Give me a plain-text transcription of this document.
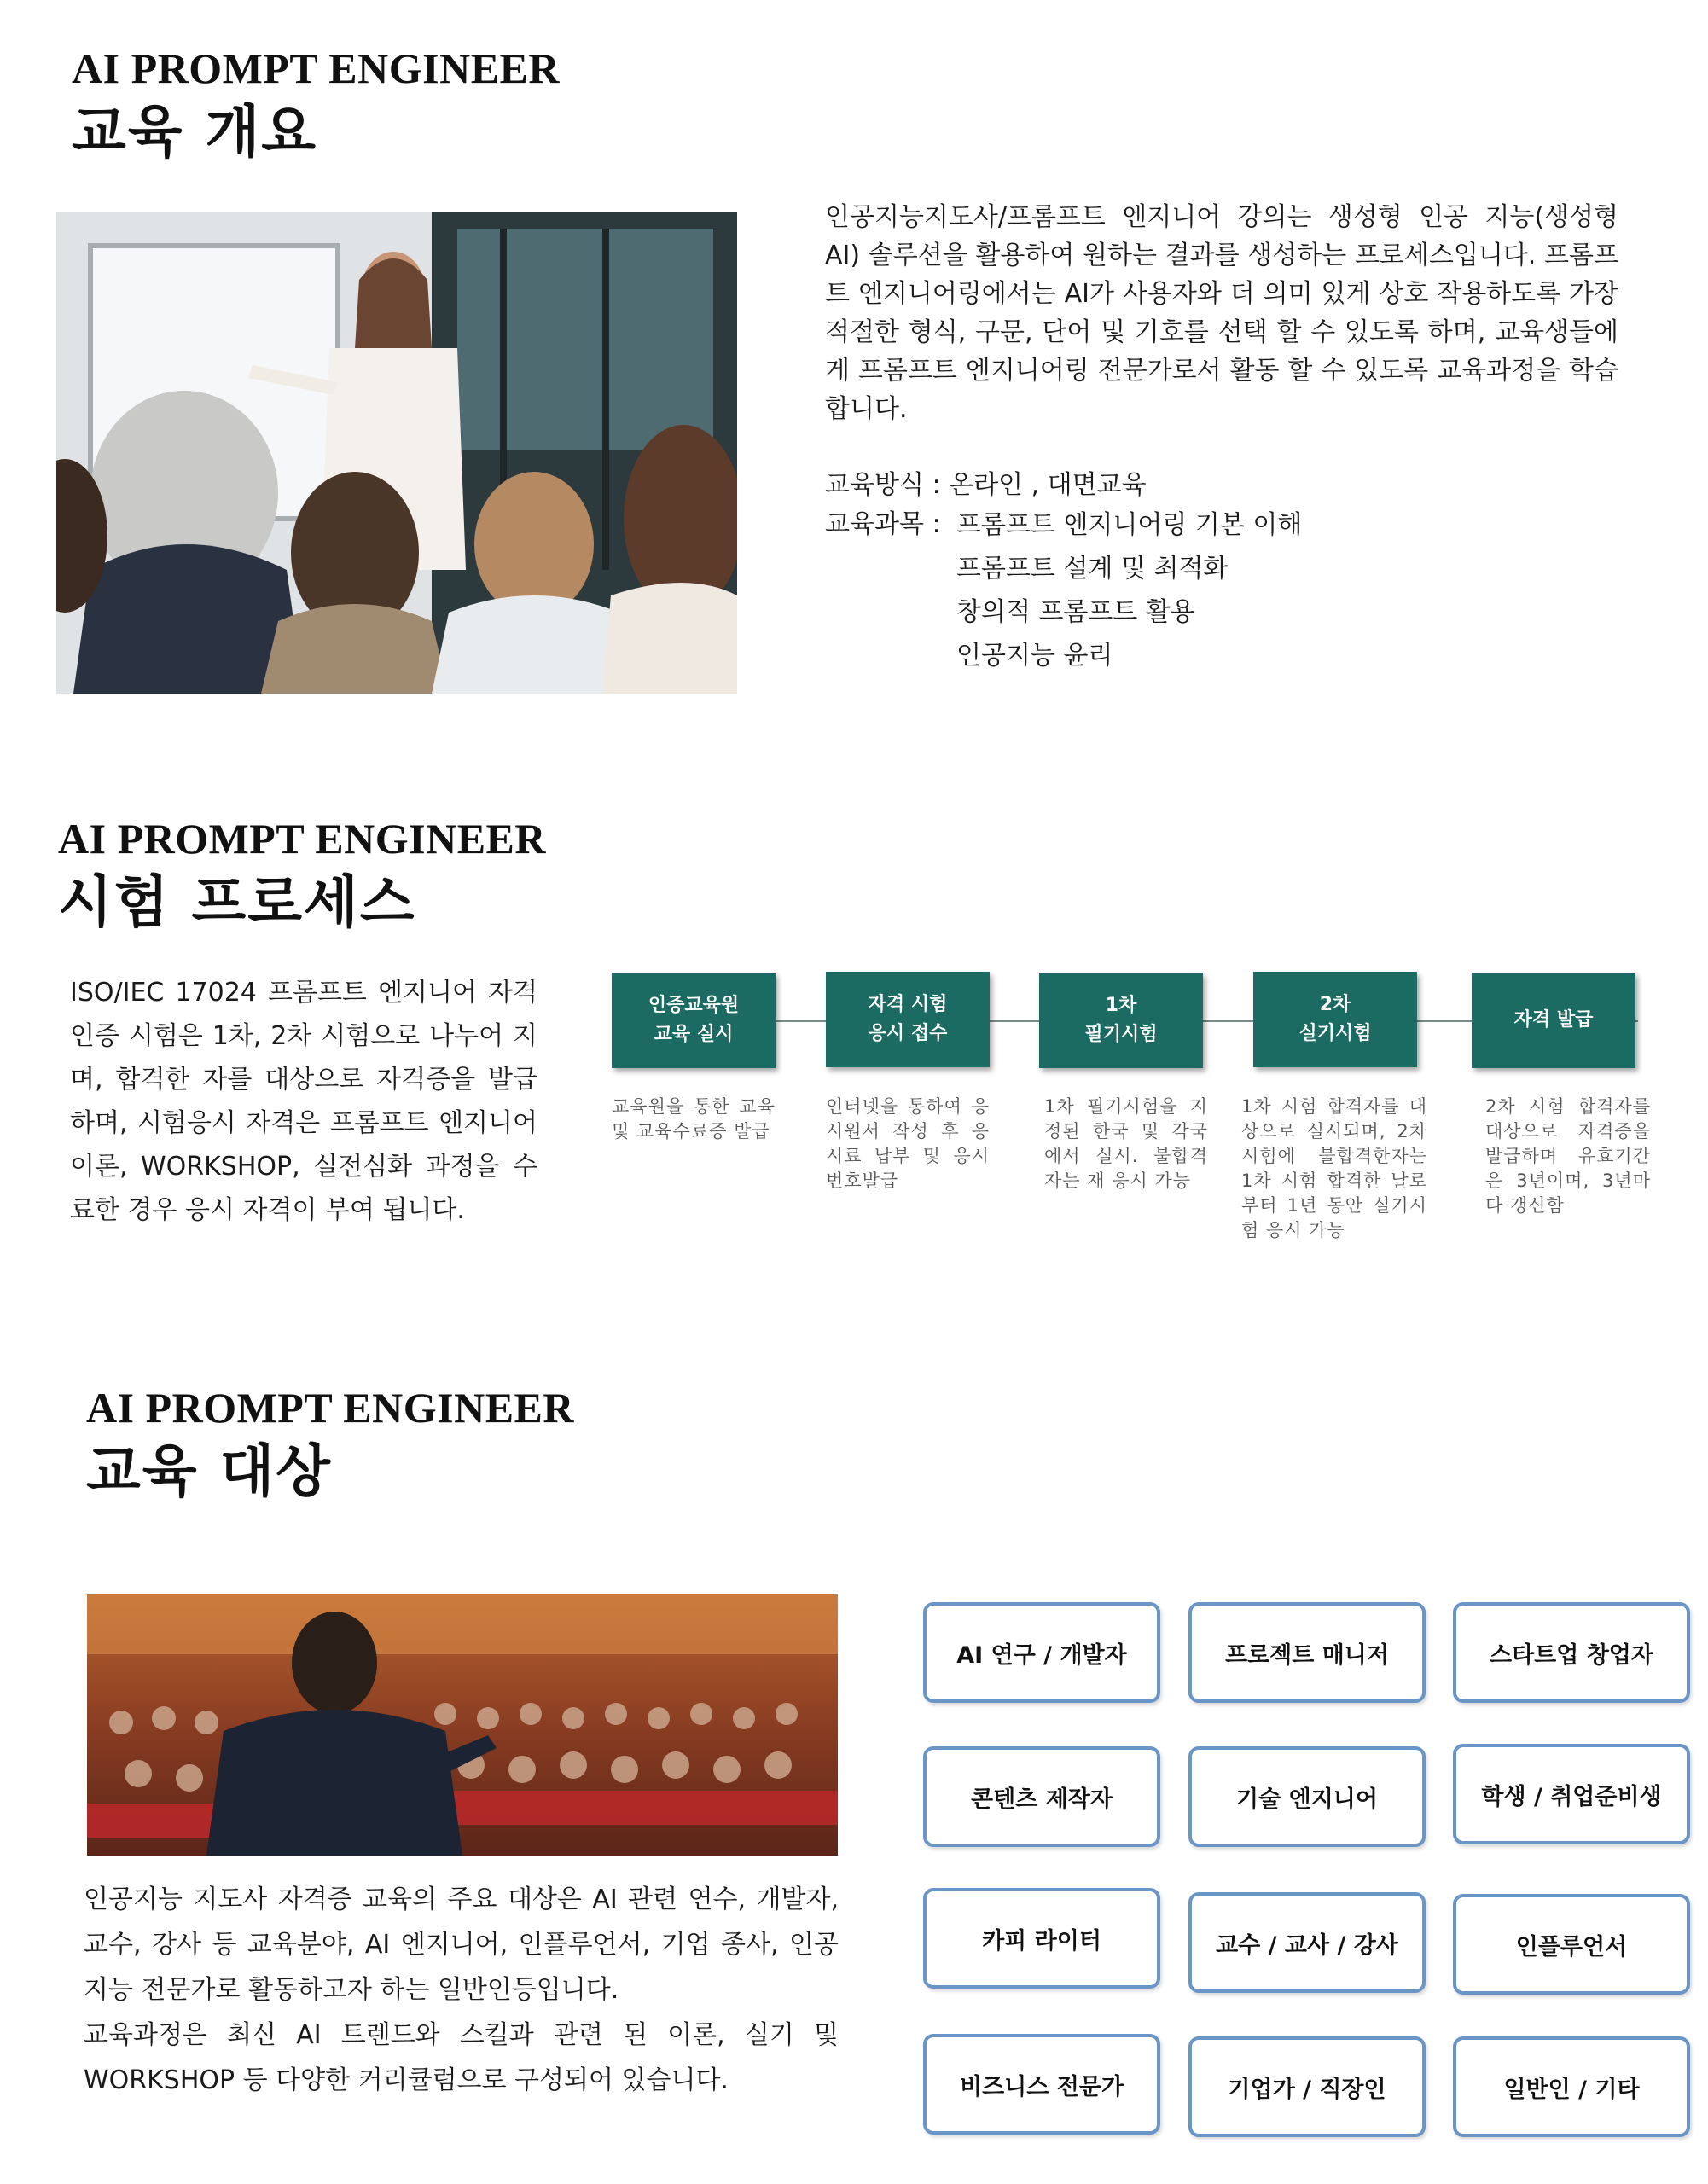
AI PROMPT ENGINEER
교육 개요
인공지능지도사/프롬프트 엔지니어 강의는 생성형 인공 지능(생성형 AI) 솔루션을 활용하여 원하는 결과를 생성하는 프로세스입니다. 프롬프트 엔지니어링에서는 AI가 사용자와 더 의미 있게 상호 작용하도록 가장 적절한 형식, 구문, 단어 및 기호를 선택 할 수 있도록 하며, 교육생들에게 프롬프트 엔지니어링 전문가로서 활동 할 수 있도록 교육과정을 학습 합니다.
교육방식 : 온라인 , 대면교육
교육과목 : 프롬프트 엔지니어링 기본 이해
프롬프트 설계 및 최적화
창의적 프롬프트 활용
인공지능 윤리
AI PROMPT ENGINEER
시험 프로세스
ISO/IEC 17024 프롬프트 엔지니어 자격 인증 시험은 1차, 2차 시험으로 나누어 지며, 합격한 자를 대상으로 자격증을 발급하며, 시험응시 자격은 프롬프트 엔지니어 이론, WORKSHOP, 실전심화 과정을 수료한 경우 응시 자격이 부여 됩니다.
인증교육원
교육 실시
자격 시험
응시 접수
1차
필기시험
2차
실기시험
자격 발급
교육원을 통한 교육 및 교육수료증 발급
인터넷을 통하여 응시원서 작성 후 응시료 납부 및 응시 번호발급
1차 필기시험을 지정된 한국 및 각국에서 실시. 불합격자는 재 응시 가능
1차 시험 합격자를 대상으로 실시되며, 2차 시험에 불합격한자는 1차 시험 합격한 날로 부터 1년 동안 실기시험 응시 가능
2차 시험 합격자를 대상으로 자격증을 발급하며 유효기간은 3년이며, 3년마다 갱신함
AI PROMPT ENGINEER
교육 대상
인공지능 지도사 자격증 교육의 주요 대상은 AI 관련 연수, 개발자, 교수, 강사 등 교육분야, AI 엔지니어, 인플루언서, 기업 종사, 인공지능 전문가로 활동하고자 하는 일반인등입니다.
교육과정은 최신 AI 트렌드와 스킬과 관련 된 이론, 실기 및 WORKSHOP 등 다양한 커리큘럼으로 구성되어 있습니다.
AI 연구 / 개발자	프로젝트 매니저	스타트업 창업자
콘텐츠 제작자	기술 엔지니어	학생 / 취업준비생
카피 라이터	교수 / 교사 / 강사	인플루언서
비즈니스 전문가	기업가 / 직장인	일반인 / 기타
